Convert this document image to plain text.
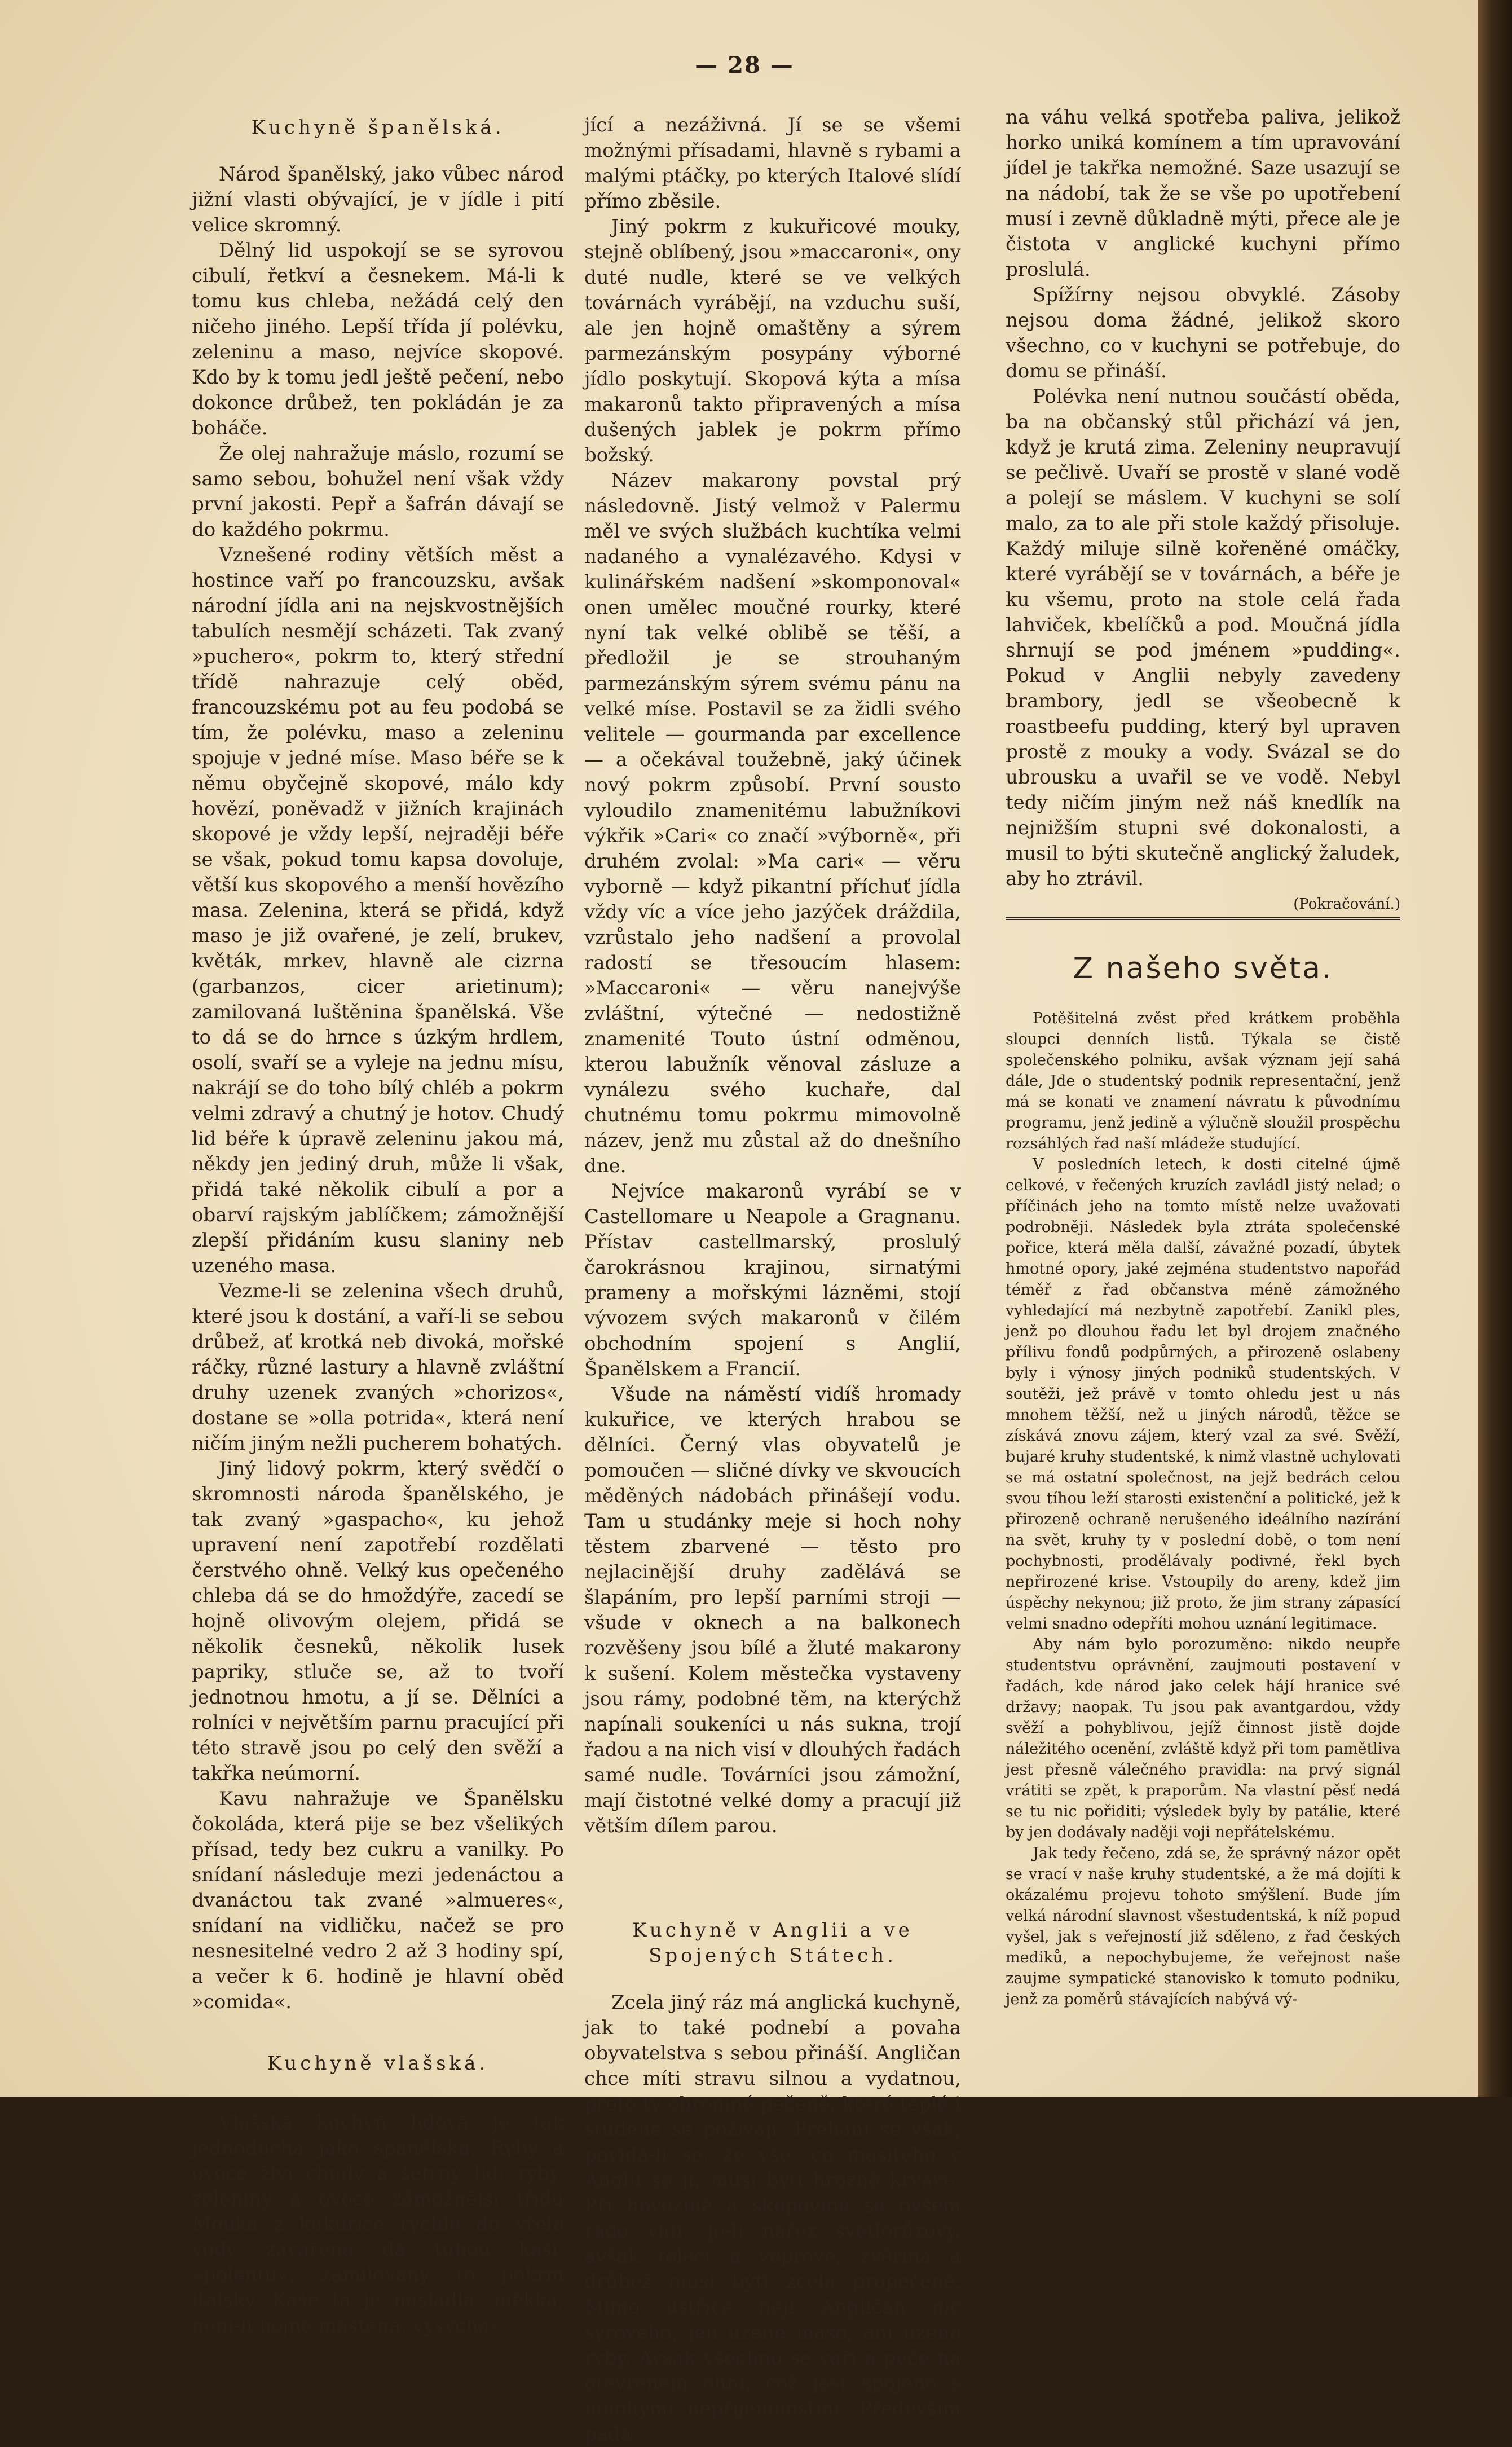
— 28 —
Kuchyně španělská.

Národ španělský, jako vůbec národ jižní vlasti obývající, je v jídle i pití velice skromný.

Dělný lid uspokojí se se syrovou cibulí, řetkví a česnekem. Má-li k tomu kus chleba, nežádá celý den ničeho jiného. Lepší třída jí polévku, zeleninu a maso, nejvíce skopové. Kdo by k tomu jedl ještě pečení, nebo dokonce drůbež, ten pokládán je za boháče.

Že olej nahražuje máslo, rozumí se samo sebou, bohužel není však vždy první jakosti. Pepř a šafrán dávají se do každého pokrmu.

Vznešené rodiny větších měst a hostince vaří po francouzsku, avšak národní jídla ani na nejskvostnějších tabulích nesmějí scházeti. Tak zvaný »puchero«, pokrm to, který střední třídě nahrazuje celý oběd, francouzskému pot au feu podobá se tím, že polévku, maso a zeleninu spojuje v jedné míse. Maso béře se k němu obyčejně skopové, málo kdy hovězí, poněvadž v jižních krajinách skopové je vždy lepší, nejraději béře se však, pokud tomu kapsa dovoluje, větší kus skopového a menší hovězího masa. Zelenina, která se přidá, když maso je již ovařené, je zelí, brukev, květák, mrkev, hlavně ale cizrna (garbanzos, cicer arietinum); zamilovaná luštěnina španělská. Vše to dá se do hrnce s úzkým hrdlem, osolí, svaří se a vyleje na jednu mísu, nakrájí se do toho bílý chléb a pokrm velmi zdravý a chutný je hotov. Chudý lid béře k úpravě zeleninu jakou má, někdy jen jediný druh, může li však, přidá také několik cibulí a por a obarví rajským jablíčkem; zámožnější zlepší přidáním kusu slaniny neb uzeného masa.

Vezme-li se zelenina všech druhů, které jsou k dostání, a vaří-li se sebou drůbež, ať krotká neb divoká, mořské ráčky, různé lastury a hlavně zvláštní druhy uzenek zvaných »chorizos«, dostane se »olla potrida«, která není ničím jiným nežli pucherem bohatých.

Jiný lidový pokrm, který svědčí o skromnosti národa španělského, je tak zvaný »gaspacho«, ku jehož upravení není zapotřebí rozdělati čerstvého ohně. Velký kus opečeného chleba dá se do hmoždýře, zacedí se hojně olivovým olejem, přidá se několik česneků, několik lusek papriky, stluče se, až to tvoří jednotnou hmotu, a jí se. Dělníci a rolníci v největším parnu pracující při této stravě jsou po celý den svěží a takřka neúmorní.

Kavu nahražuje ve Španělsku čokoláda, která pije se bez všelikých přísad, tedy bez cukru a vanilky. Po snídaní následuje mezi jedenáctou a dvanáctou tak zvané »almueres«, snídaní na vidličku, načež se pro nesnesitelné vedro 2 až 3 hodiny spí, a večer k 6. hodině je hlavní oběd »comida«.

Kuchyně vlašská.

Vlašská kuchyň lidová je tak jednoduchá jako španělská. Ryby a ovoce živí chudý a šetrný lid; ryby, zeleniny a ovoce zámožnější třídu Mouka z kukuřice rychle do vřelé vody zavařená dá tuhou kaši, »polentu«, zamilovaný to pokrm italský. Kaše ta je nasládlá, měkká, není-li hojně maštěná. vysýcha-

jící a nezáživná. Jí se se všemi možnými přísadami, hlavně s rybami a malými ptáčky, po kterých Italové slídí přímo zběsile.

Jiný pokrm z kukuřicové mouky, stejně oblíbený, jsou »maccaroni«, ony duté nudle, které se ve velkých továrnách vyrábějí, na vzduchu suší, ale jen hojně omaštěny a sýrem parmezánským posypány výborné jídlo poskytují. Skopová kýta a mísa makaronů takto připravených a mísa dušených jablek je pokrm přímo božský.

Název makarony povstal prý následovně. Jistý velmož v Palermu měl ve svých službách kuchtíka velmi nadaného a vynalézavého. Kdysi v kulinářském nadšení »skomponoval« onen umělec moučné rourky, které nyní tak velké oblibě se těší, a předložil je se strouhaným parmezánským sýrem svému pánu na velké míse. Postavil se za židli svého velitele — gourmanda par excellence — a očekával toužebně, jaký účinek nový pokrm způsobí. První sousto vyloudilo znamenitému labužníkovi výkřik »Cari« co značí »výborně«, při druhém zvolal: »Ma cari« — věru vyborně — když pikantní příchuť jídla vždy víc a více jeho jazýček dráždila, vzrůstalo jeho nadšení a provolal radostí se třesoucím hlasem: »Maccaroni« — věru nanejvýše zvláštní, výtečné — nedostižně znamenité Touto ústní odměnou, kterou labužník věnoval zásluze a vynálezu svého kuchaře, dal chutnému tomu pokrmu mimovolně název, jenž mu zůstal až do dnešního dne.

Nejvíce makaronů vyrábí se v Castellomare u Neapole a Gragnanu. Přístav castellmarský, proslulý čarokrásnou krajinou, sirnatými prameny a mořskými lázněmi, stojí vývozem svých makaronů v čilém obchodním spojení s Anglií, Španělskem a Francií.

Všude na náměstí vidíš hromady kukuřice, ve kterých hrabou se dělníci. Černý vlas obyvatelů je pomoučen — sličné dívky ve skvoucích měděných nádobách přinášejí vodu. Tam u studánky meje si hoch nohy těstem zbarvené — těsto pro nejlacinější druhy zadělává se šlapáním, pro lepší parními stroji — všude v oknech a na balkonech rozvěšeny jsou bílé a žluté makarony k sušení. Kolem městečka vystaveny jsou rámy, podobné těm, na kterýchž napínali soukeníci u nás sukna, trojí řadou a na nich visí v dlouhých řadách samé nudle. Továrníci jsou zámožní, mají čistotné velké domy a pracují již větším dílem parou.

Kuchyně v Anglii a ve Spojených Státech.

Zcela jiný ráz má anglická kuchyně, jak to také podnebí a povaha obyvatelstva s sebou přináší. Angličan chce míti stravu silnou a vydatnou, proto ty ohromné pečeně, které teplé i studené se požívají. Přehání se však, povídá-li se, že vše, co masitého v Anglii se jí, musí býti hrozně krvavé. Při hovězině a skopovině se ovšem rádo vidí, je-li nářez světlorůžový, avšak telecí a vepřové, zvěřina a drůbež musí býti zcela propečené. Mimo ústřice nejí Angličan nic syrového, jen uzené maso, ani uzené ryby. Avšak všechno se vaří a peče na otevřeném ohni, což jest spojeno s mnohými nepříjemnostmi. Především padá

na váhu velká spotřeba paliva, jelikož horko uniká komínem a tím upravování jídel je takřka nemožné. Saze usazují se na nádobí, tak že se vše po upotřebení musí i zevně důkladně mýti, přece ale je čistota v anglické kuchyni přímo proslulá.

Spížírny nejsou obvyklé. Zásoby nejsou doma žádné, jelikož skoro všechno, co v kuchyni se potřebuje, do domu se přináší.

Polévka není nutnou součástí oběda, ba na občanský stůl přichází vá jen, když je krutá zima. Zeleniny neupravují se pečlivě. Uvaří se prostě v slané vodě a polejí se máslem. V kuchyni se solí malo, za to ale při stole každý přisoluje. Každý miluje silně kořeněné omáčky, které vyrábějí se v továrnách, a béře je ku všemu, proto na stole celá řada lahviček, kbelíčků a pod. Moučná jídla shrnují se pod jménem »pudding«. Pokud v Anglii nebyly zavedeny brambory, jedl se všeobecně k roastbeefu pudding, který byl upraven prostě z mouky a vody. Svázal se do ubrousku a uvařil se ve vodě. Nebyl tedy ničím jiným než náš knedlík na nejnižším stupni své dokonalosti, a musil to býti skutečně anglický žaludek, aby ho ztrávil.

(Pokračování.)

Z našeho světa.

Potěšitelná zvěst před krátkem proběhla sloupci denních listů. Týkala se čistě společenského polniku, avšak význam její sahá dále, Jde o studentský podnik representační, jenž má se konati ve znamení návratu k původnímu programu, jenž jedině a výlučně sloužil prospěchu rozsáhlých řad naší mládeže studující.

V posledních letech, k dosti citelné újmě celkové, v řečených kruzích zavládl jistý nelad; o příčinách jeho na tomto místě nelze uvažovati podrobněji. Následek byla ztráta společenské pořice, která měla další, závažné pozadí, úbytek hmotné opory, jaké zejména studentstvo napořád téměř z řad občanstva méně zámožného vyhledající má nezbytně zapotřebí. Zanikl ples, jenž po dlouhou řadu let byl drojem značného přílivu fondů podpůrných, a přirozeně oslabeny byly i výnosy jiných podniků studentských. V soutěži, jež právě v tomto ohledu jest u nás mnohem těžší, než u jiných národů, těžce se získává znovu zájem, který vzal za své. Svěží, bujaré kruhy studentské, k nimž vlastně uchylovati se má ostatní společnost, na jejž bedrách celou svou tíhou leží starosti existenční a politické, jež k přirozeně ochraně nerušeného ideálního nazírání na svět, kruhy ty v poslední době, o tom není pochybnosti, prodělávaly podivné, řekl bych nepřirozené krise. Vstoupily do areny, kdež jim úspěchy nekynou; již proto, že jim strany zápasící velmi snadno odepříti mohou uznání legitimace.

Aby nám bylo porozuměno: nikdo neupře studentstvu oprávnění, zaujmouti postavení v řadách, kde národ jako celek hájí hranice své državy; naopak. Tu jsou pak avantgardou, vždy svěží a pohyblivou, jejíž činnost jistě dojde náležitého ocenění, zvláště když při tom pamětliva jest přesně válečného pravidla: na prvý signál vrátiti se zpět, k praporům. Na vlastní pěsť nedá se tu nic pořiditi; výsledek byly by patálie, které by jen dodávaly naději voji nepřátelskému.

Jak tedy řečeno, zdá se, že správný názor opět se vrací v naše kruhy studentské, a že má dojíti k okázalému projevu tohoto smýšlení. Bude jím velká národní slavnost všestudentská, k níž popud vyšel, jak s veřejností již sděleno, z řad českých mediků, a nepochybujeme, že veřejnost naše zaujme sympatické stanovisko k tomuto podniku, jenž za poměrů stávajících nabývá vý-
